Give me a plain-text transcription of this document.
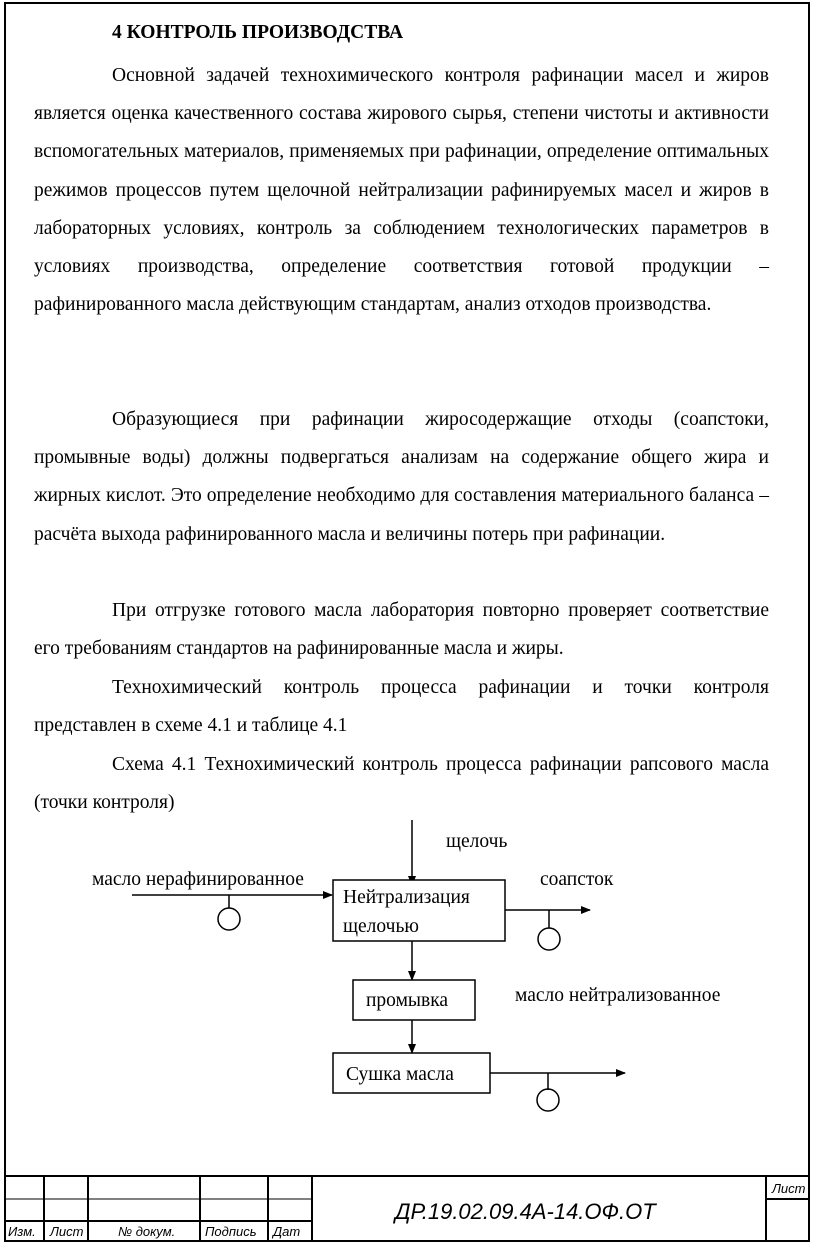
4 КОНТРОЛЬ ПРОИЗВОДСТВА

Основной задачей технохимического контроля рафинации масел и жиров является оценка качественного состава жирового сырья, степени чистоты и активности вспомогательных материалов, применяемых при рафинации, определение оптимальных режимов процессов путем щелочной нейтрализации рафинируемых масел и жиров в лабораторных условиях, контроль за соблюдением технологических параметров в условиях производства, определение соответствия готовой продукции – рафинированного масла действующим стандартам, анализ отходов производства.

Образующиеся при рафинации жиросодержащие отходы (соапстоки, промывные воды) должны подвергаться анализам на содержание общего жира и жирных кислот. Это определение необходимо для составления материального баланса – расчёта выхода рафинированного масла и величины потерь при рафинации.

При отгрузке готового масла лаборатория повторно проверяет соответствие его требованиям стандартов на рафинированные масла и жиры.

Технохимический контроль процесса рафинации и точки контроля представлен в схеме 4.1 и таблице 4.1

Схема 4.1 Технохимический контроль процесса рафинации рапсового масла (точки контроля)

щелочь
масло нерафинированное
Нейтрализация
щелочью
соапсток
промывка	масло нейтрализованное
Сушка масла
Изм. Лист	№ докум. Подпись Дат
ДР.19.02.09.4А-14.ОФ.ОТ
Лист
